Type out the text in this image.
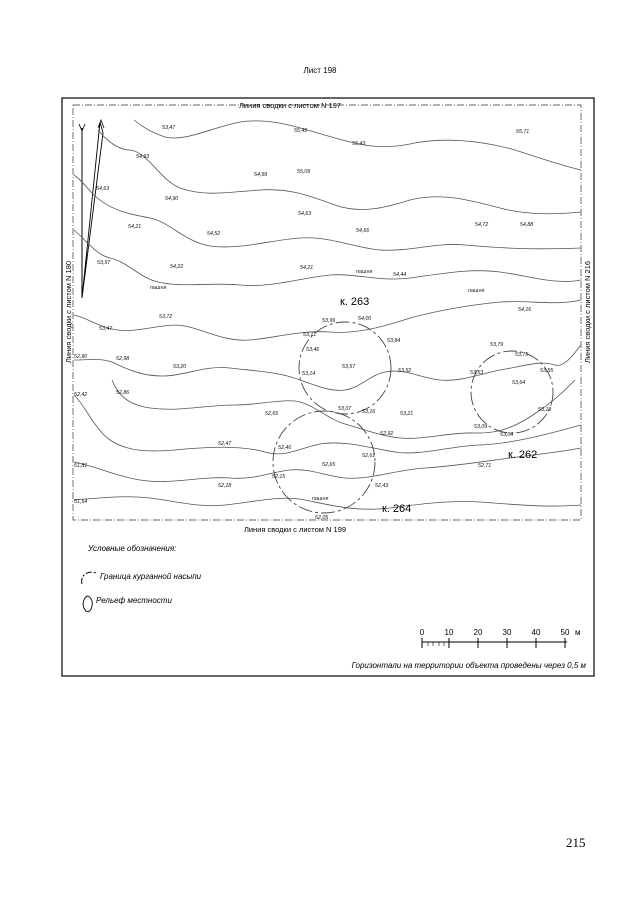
Лист 198
Линия сводки с листом N 197
Линия сводки с листом N 199
Линия сводки с листом N 180	Линия сводки с листом N 216
к. 263
к. 262
к. 264
пашня
пашня	пашня
пашня
53,47	55,45
55,43
55,71
54,93
54,99	55,09
54,63
54,90
54,21
54,52
54,63
54,66
54,72	54,88
53,97
54,22	54,21
54,44
53,47
53,72
53,99	54,00
54,16
53,71
53,84
53,46
53,79
53,75
52,90	52,98
53,20
53,14
53,57
53,52	53,53
53,64
53,55
52,42	52,86
53,07 53,16	53,21
53,19
52,65
53,09
53,04
52,46
52,47
52,92
52,61
51,81	52,71
52,65
52,15
52,18	52,43
51,54
52,05
Условные обозначения:
Граница курганной насыпи
Рельеф местности
0	10	20	30	40	50 м
Горизонтали на территории объекта проведены через 0,5 м
215
